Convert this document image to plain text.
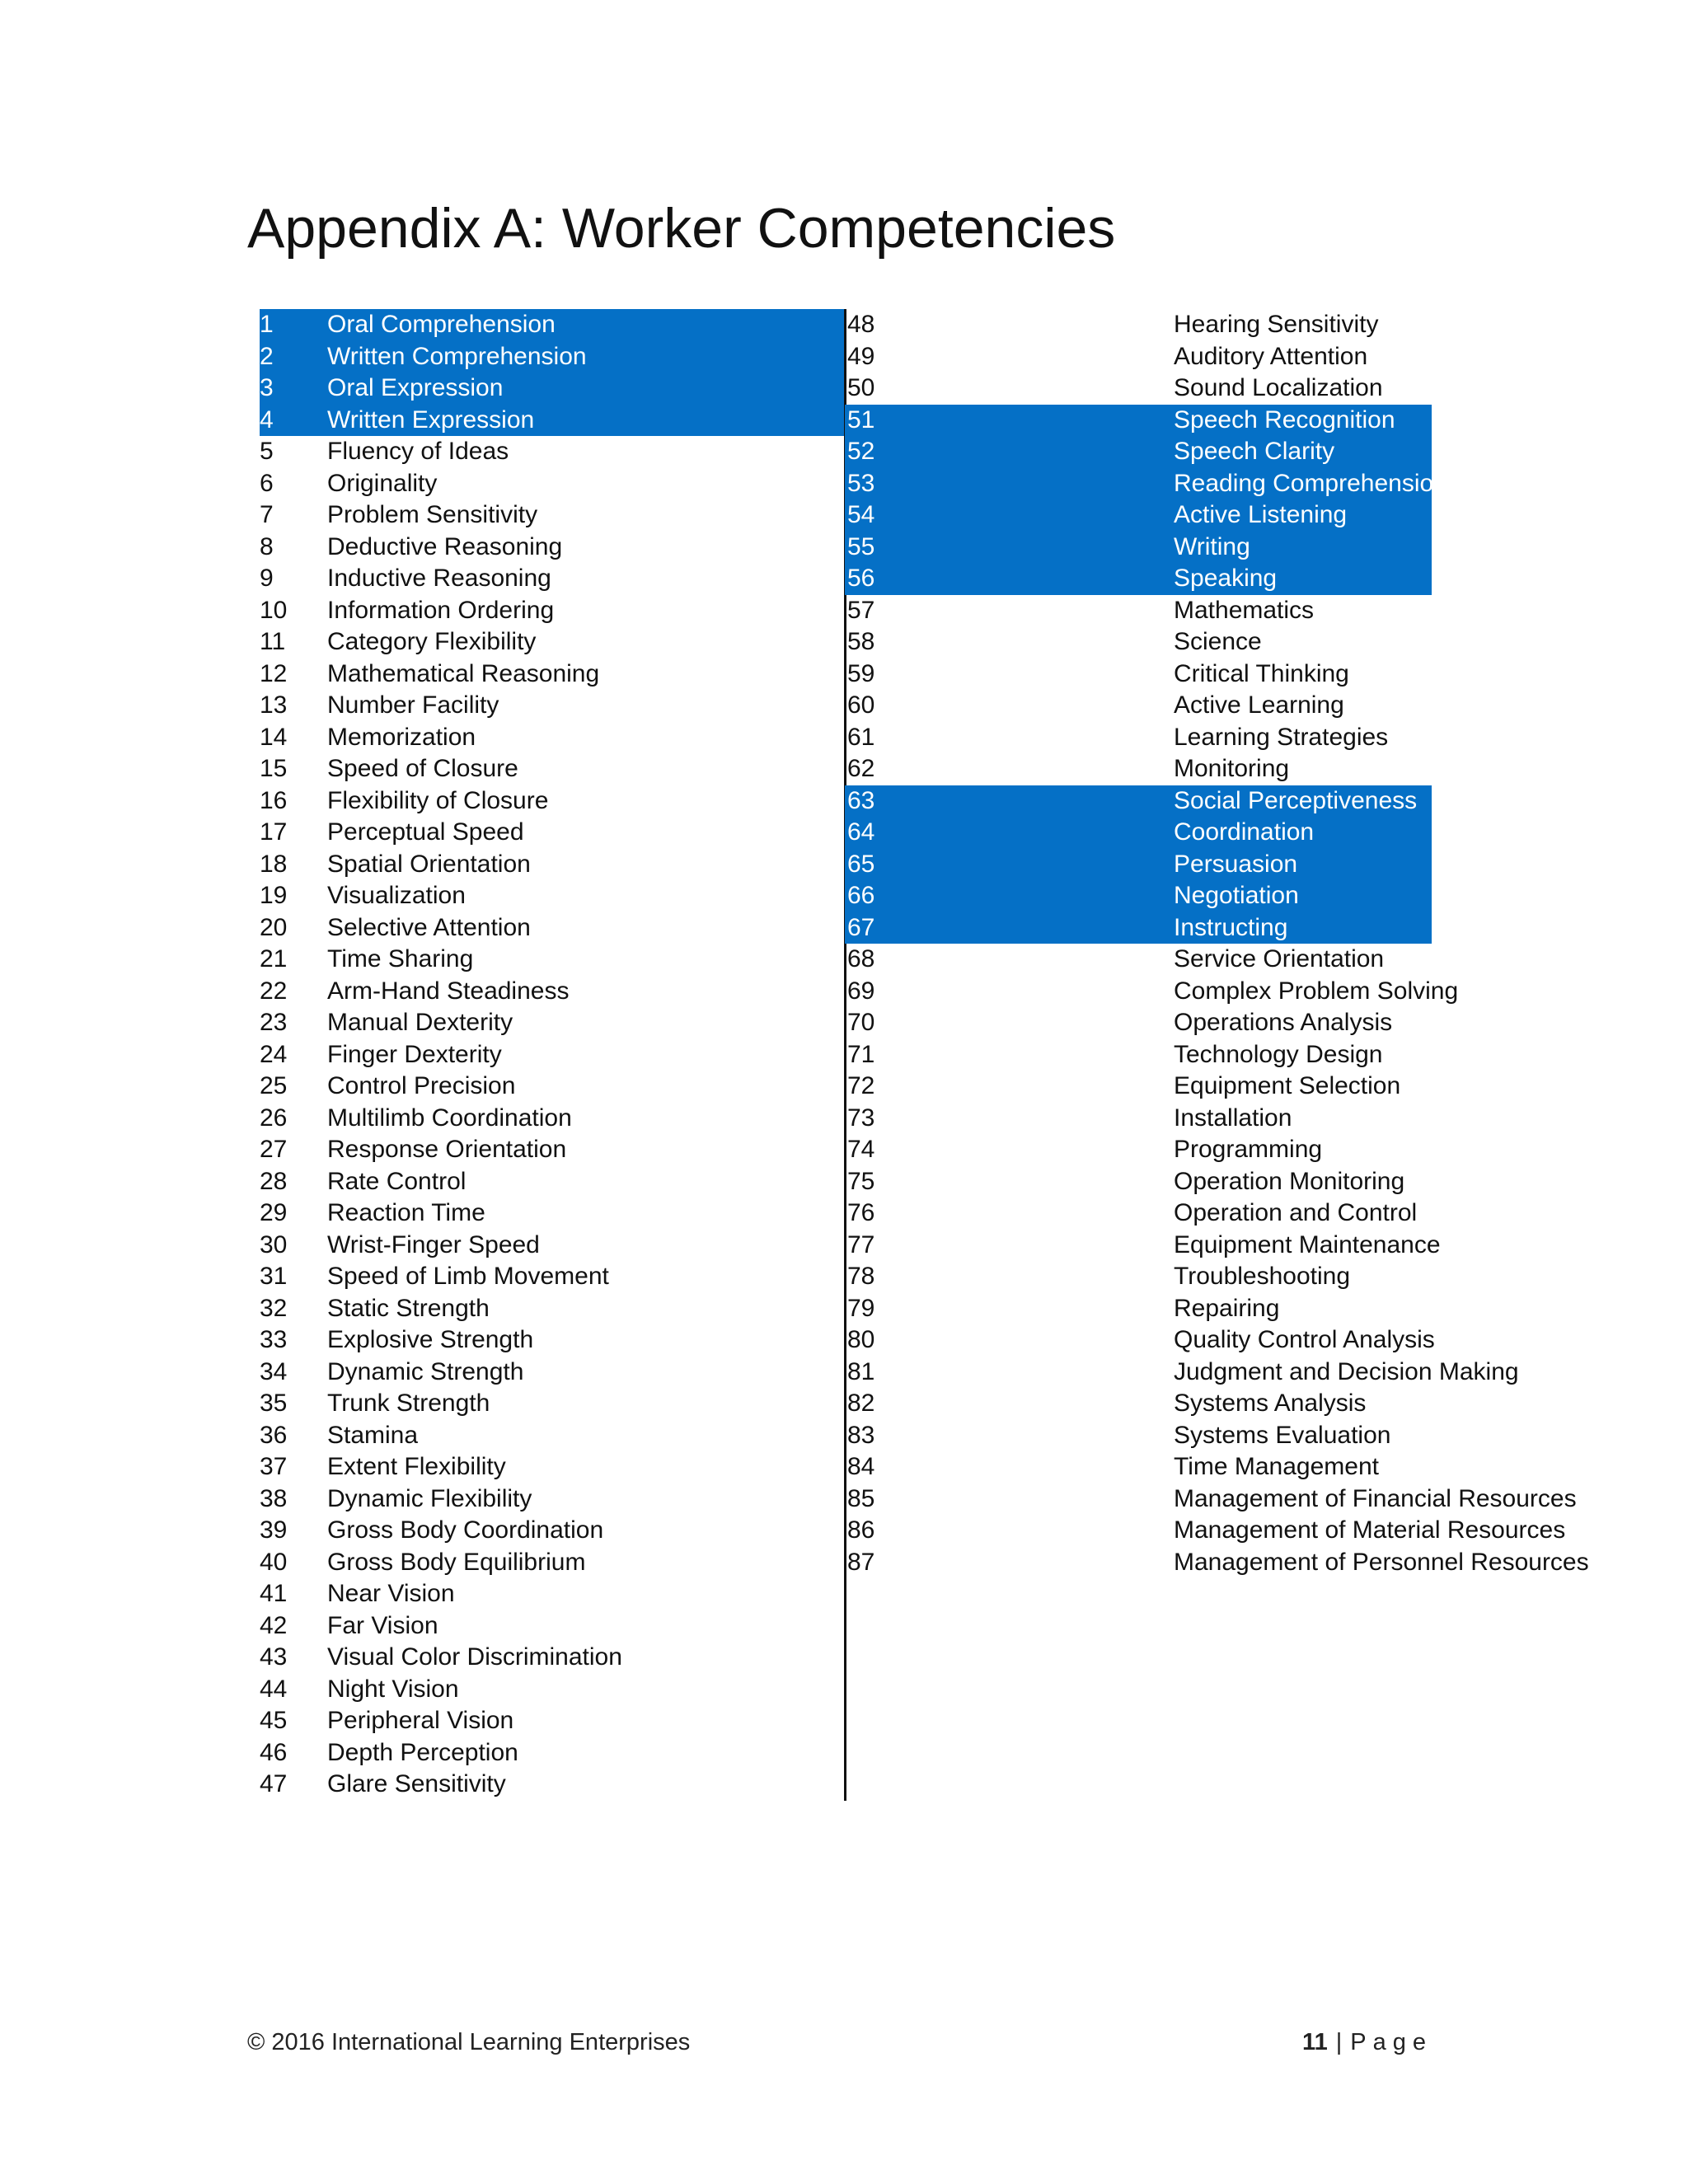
Appendix A: Worker Competencies
1	Oral Comprehension
2	Written Comprehension
3	Oral Expression
4	Written Expression
5	Fluency of Ideas
6	Originality
7	Problem Sensitivity
8	Deductive Reasoning
9	Inductive Reasoning
10	Information Ordering
11	Category Flexibility
12	Mathematical Reasoning
13	Number Facility
14	Memorization
15	Speed of Closure
16	Flexibility of Closure
17	Perceptual Speed
18	Spatial Orientation
19	Visualization
20	Selective Attention
21	Time Sharing
22	Arm-Hand Steadiness
23	Manual Dexterity
24	Finger Dexterity
25	Control Precision
26	Multilimb Coordination
27	Response Orientation
28	Rate Control
29	Reaction Time
30	Wrist-Finger Speed
31	Speed of Limb Movement
32	Static Strength
33	Explosive Strength
34	Dynamic Strength
35	Trunk Strength
36	Stamina
37	Extent Flexibility
38	Dynamic Flexibility
39	Gross Body Coordination
40	Gross Body Equilibrium
41	Near Vision
42	Far Vision
43	Visual Color Discrimination
44	Night Vision
45	Peripheral Vision
46	Depth Perception
47	Glare Sensitivity
48	Hearing Sensitivity
49	Auditory Attention
50	Sound Localization
51	Speech Recognition
52	Speech Clarity
53	Reading Comprehension
54	Active Listening
55	Writing
56	Speaking
57	Mathematics
58	Science
59	Critical Thinking
60	Active Learning
61	Learning Strategies
62	Monitoring
63	Social Perceptiveness
64	Coordination
65	Persuasion
66	Negotiation
67	Instructing
68	Service Orientation
69	Complex Problem Solving
70	Operations Analysis
71	Technology Design
72	Equipment Selection
73	Installation
74	Programming
75	Operation Monitoring
76	Operation and Control
77	Equipment Maintenance
78	Troubleshooting
79	Repairing
80	Quality Control Analysis
81	Judgment and Decision Making
82	Systems Analysis
83	Systems Evaluation
84	Time Management
85	Management of Financial Resources
86	Management of Material Resources
87	Management of Personnel Resources
© 2016 International Learning Enterprises	11 | Page
